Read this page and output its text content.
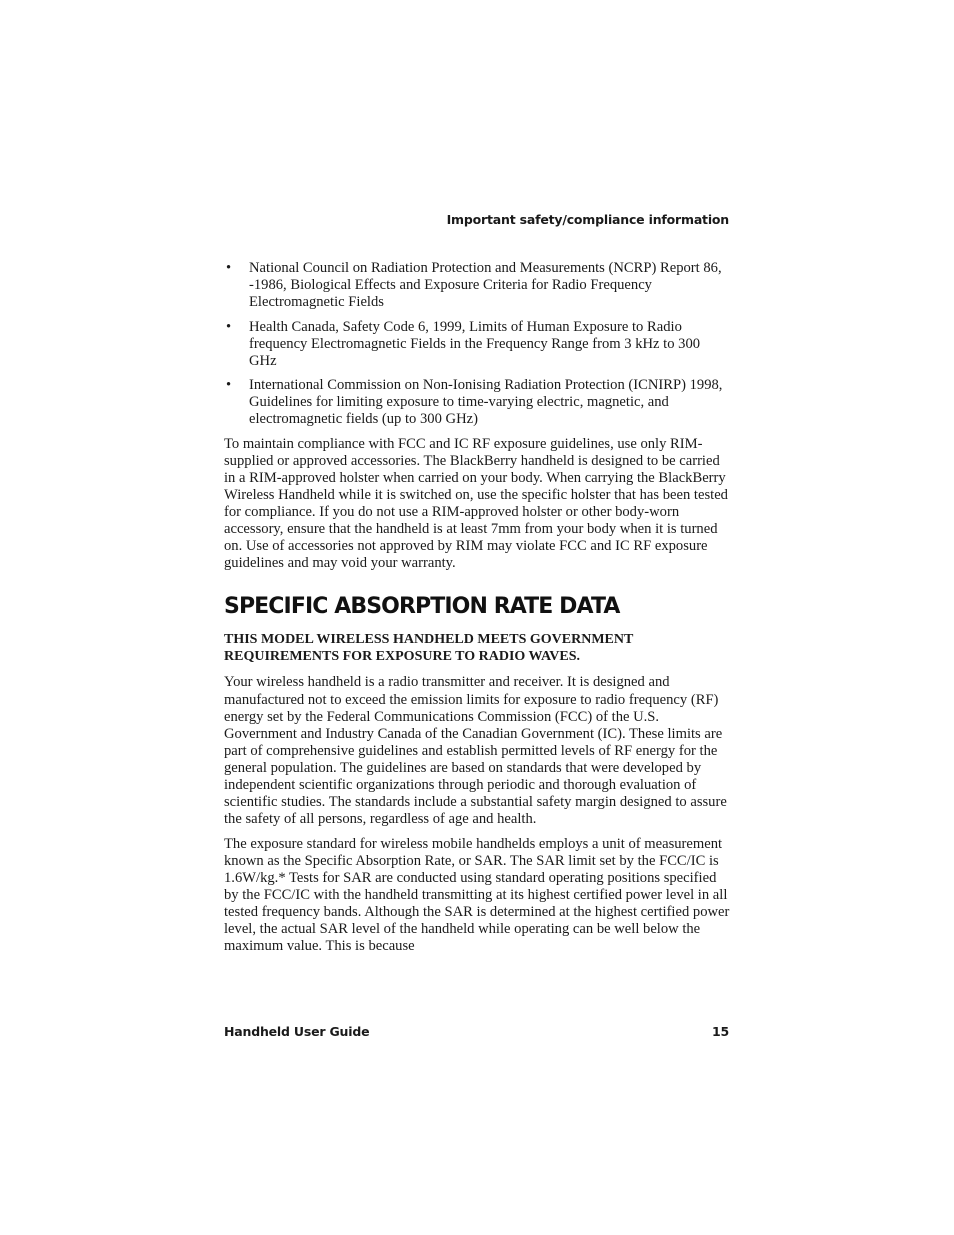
Important safety/compliance information
• National Council on Radiation Protection and Measurements (NCRP) Report 86, -1986, Biological Effects and Exposure Criteria for Radio Frequency Electromagnetic Fields
• Health Canada, Safety Code 6, 1999, Limits of Human Exposure to Radio frequency Electromagnetic Fields in the Frequency Range from 3 kHz to 300 GHz
• International Commission on Non-Ionising Radiation Protection (ICNIRP) 1998, Guidelines for limiting exposure to time-varying electric, magnetic, and electromagnetic fields (up to 300 GHz)

To maintain compliance with FCC and IC RF exposure guidelines, use only RIM-supplied or approved accessories. The BlackBerry handheld is designed to be carried in a RIM-approved holster when carried on your body. When carrying the BlackBerry Wireless Handheld while it is switched on, use the specific holster that has been tested for compliance. If you do not use a RIM-approved holster or other body-worn accessory, ensure that the handheld is at least 7mm from your body when it is turned on. Use of accessories not approved by RIM may violate FCC and IC RF exposure guidelines and may void your warranty.

SPECIFIC ABSORPTION RATE DATA
THIS MODEL WIRELESS HANDHELD MEETS GOVERNMENT REQUIREMENTS FOR EXPOSURE TO RADIO WAVES.

Your wireless handheld is a radio transmitter and receiver. It is designed and manufactured not to exceed the emission limits for exposure to radio frequency (RF) energy set by the Federal Communications Commission (FCC) of the U.S. Government and Industry Canada of the Canadian Government (IC). These limits are part of comprehensive guidelines and establish permitted levels of RF energy for the general population. The guidelines are based on standards that were developed by independent scientific organizations through periodic and thorough evaluation of scientific studies. The standards include a substantial safety margin designed to assure the safety of all persons, regardless of age and health.

The exposure standard for wireless mobile handhelds employs a unit of measurement known as the Specific Absorption Rate, or SAR. The SAR limit set by the FCC/IC is 1.6W/kg.* Tests for SAR are conducted using standard operating positions specified by the FCC/IC with the handheld transmitting at its highest certified power level in all tested frequency bands. Although the SAR is determined at the highest certified power level, the actual SAR level of the handheld while operating can be well below the maximum value. This is because

Handheld User Guide	15
